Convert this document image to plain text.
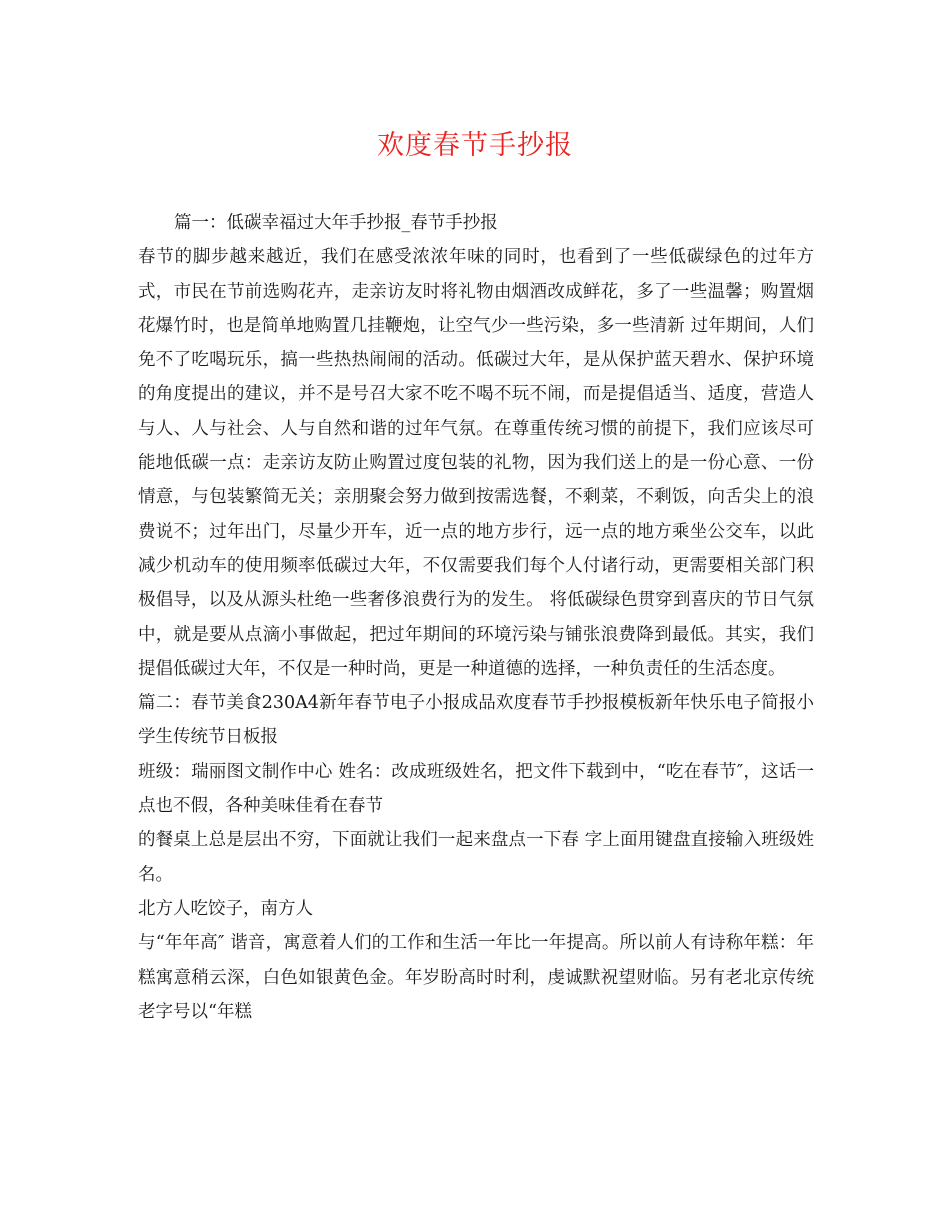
欢度春节手抄报

篇一：低碳幸福过大年手抄报_春节手抄报

春节的脚步越来越近，我们在感受浓浓年味的同时，也看到了一些低碳绿色的过年方式，市民在节前选购花卉，走亲访友时将礼物由烟酒改成鲜花，多了一些温馨；购置烟花爆竹时，也是简单地购置几挂鞭炮，让空气少一些污染，多一些清新 过年期间，人们免不了吃喝玩乐，搞一些热热闹闹的活动。低碳过大年，是从保护蓝天碧水、保护环境的角度提出的建议，并不是号召大家不吃不喝不玩不闹，而是提倡适当、适度，营造人与人、人与社会、人与自然和谐的过年气氛。在尊重传统习惯的前提下，我们应该尽可能地低碳一点：走亲访友防止购置过度包装的礼物，因为我们送上的是一份心意、一份情意，与包装繁简无关；亲朋聚会努力做到按需选餐，不剩菜，不剩饭，向舌尖上的浪费说不；过年出门，尽量少开车，近一点的地方步行，远一点的地方乘坐公交车，以此减少机动车的使用频率低碳过大年，不仅需要我们每个人付诸行动，更需要相关部门积极倡导，以及从源头杜绝一些奢侈浪费行为的发生。 将低碳绿色贯穿到喜庆的节日气氛中，就是要从点滴小事做起，把过年期间的环境污染与铺张浪费降到最低。其实，我们提倡低碳过大年，不仅是一种时尚，更是一种道德的选择，一种负责任的生活态度。

篇二：春节美食230A4新年春节电子小报成品欢度春节手抄报模板新年快乐电子简报小学生传统节日板报

班级：瑞丽图文制作中心 姓名：改成班级姓名，把文件下载到中，“吃在春节″，这话一点也不假，各种美味佳肴在春节

的餐桌上总是层出不穷，下面就让我们一起来盘点一下春 字上面用键盘直接输入班级姓名。

北方人吃饺子，南方人

与“年年高″ 谐音，寓意着人们的工作和生活一年比一年提高。所以前人有诗称年糕：年糕寓意稍云深，白色如银黄色金。年岁盼高时时利，虔诚默祝望财临。另有老北京传统老字号以“年糕
